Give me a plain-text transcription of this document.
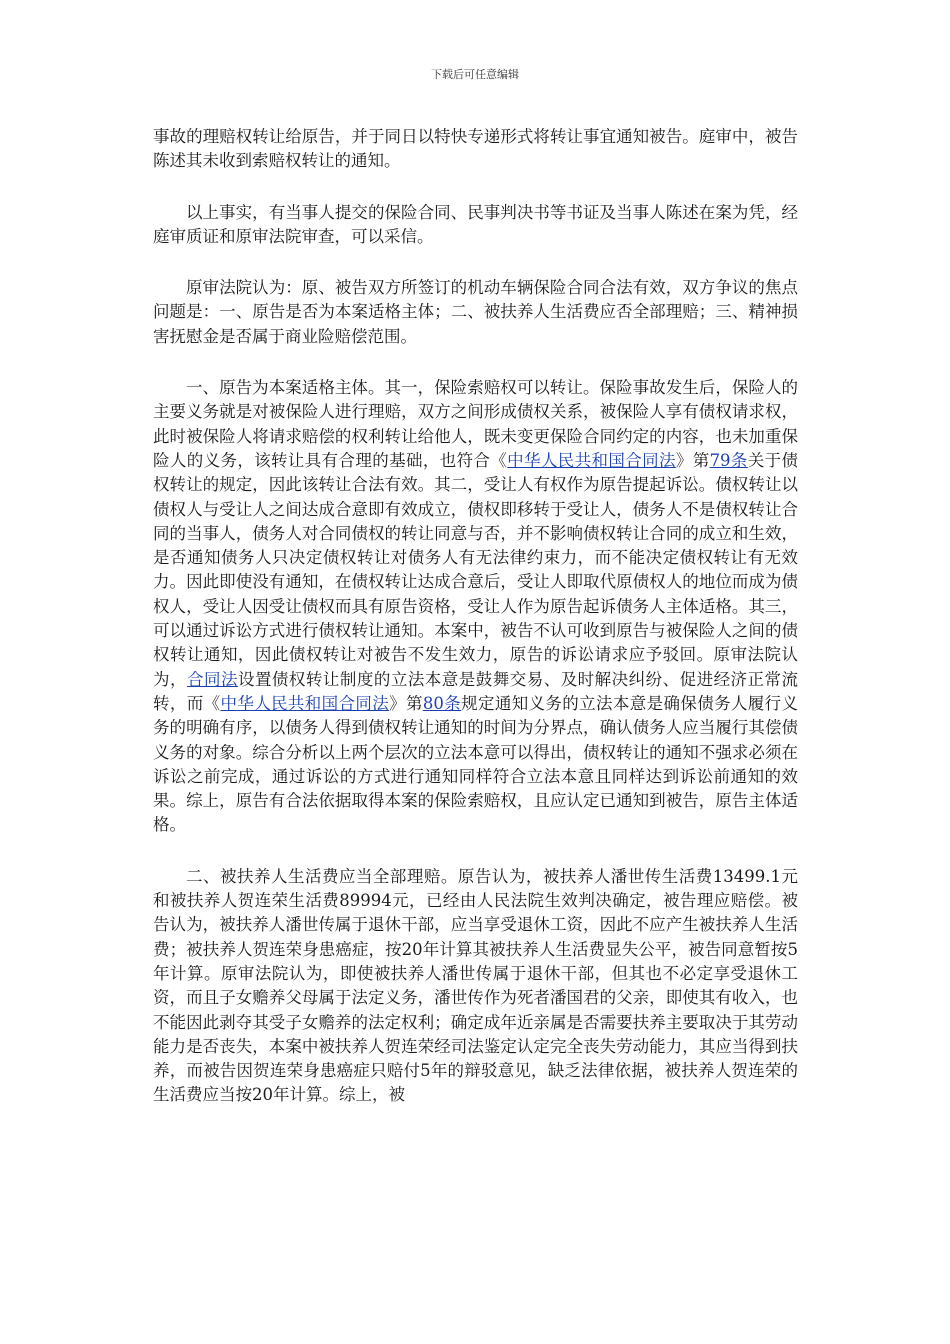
下载后可任意编辑

事故的理赔权转让给原告，并于同日以特快专递形式将转让事宜通知被告。庭审中，被告陈述其未收到索赔权转让的通知。

以上事实，有当事人提交的保险合同、民事判决书等书证及当事人陈述在案为凭，经庭审质证和原审法院审查，可以采信。

原审法院认为：原、被告双方所签订的机动车辆保险合同合法有效，双方争议的焦点问题是：一、原告是否为本案适格主体；二、被扶养人生活费应否全部理赔；三、精神损害抚慰金是否属于商业险赔偿范围。

一、原告为本案适格主体。其一，保险索赔权可以转让。保险事故发生后，保险人的主要义务就是对被保险人进行理赔，双方之间形成债权关系，被保险人享有债权请求权，此时被保险人将请求赔偿的权利转让给他人，既未变更保险合同约定的内容，也未加重保险人的义务，该转让具有合理的基础，也符合《中华人民共和国合同法》第79条关于债权转让的规定，因此该转让合法有效。其二，受让人有权作为原告提起诉讼。债权转让以债权人与受让人之间达成合意即有效成立，债权即移转于受让人，债务人不是债权转让合同的当事人，债务人对合同债权的转让同意与否，并不影响债权转让合同的成立和生效，是否通知债务人只决定债权转让对债务人有无法律约束力，而不能决定债权转让有无效力。因此即使没有通知，在债权转让达成合意后，受让人即取代原债权人的地位而成为债权人，受让人因受让债权而具有原告资格，受让人作为原告起诉债务人主体适格。其三，可以通过诉讼方式进行债权转让通知。本案中，被告不认可收到原告与被保险人之间的债权转让通知，因此债权转让对被告不发生效力，原告的诉讼请求应予驳回。原审法院认为，合同法设置债权转让制度的立法本意是鼓舞交易、及时解决纠纷、促进经济正常流转，而《中华人民共和国合同法》第80条规定通知义务的立法本意是确保债务人履行义务的明确有序，以债务人得到债权转让通知的时间为分界点，确认债务人应当履行其偿债义务的对象。综合分析以上两个层次的立法本意可以得出，债权转让的通知不强求必须在诉讼之前完成，通过诉讼的方式进行通知同样符合立法本意且同样达到诉讼前通知的效果。综上，原告有合法依据取得本案的保险索赔权，且应认定已通知到被告，原告主体适格。

二、被扶养人生活费应当全部理赔。原告认为，被扶养人潘世传生活费13499.1元和被扶养人贺连荣生活费89994元，已经由人民法院生效判决确定，被告理应赔偿。被告认为，被扶养人潘世传属于退休干部，应当享受退休工资，因此不应产生被扶养人生活费；被扶养人贺连荣身患癌症，按20年计算其被扶养人生活费显失公平，被告同意暂按5年计算。原审法院认为，即使被扶养人潘世传属于退休干部，但其也不必定享受退休工资，而且子女赡养父母属于法定义务，潘世传作为死者潘国君的父亲，即使其有收入，也不能因此剥夺其受子女赡养的法定权利；确定成年近亲属是否需要扶养主要取决于其劳动能力是否丧失，本案中被扶养人贺连荣经司法鉴定认定完全丧失劳动能力，其应当得到扶养，而被告因贺连荣身患癌症只赔付5年的辩驳意见，缺乏法律依据，被扶养人贺连荣的生活费应当按20年计算。综上，被
